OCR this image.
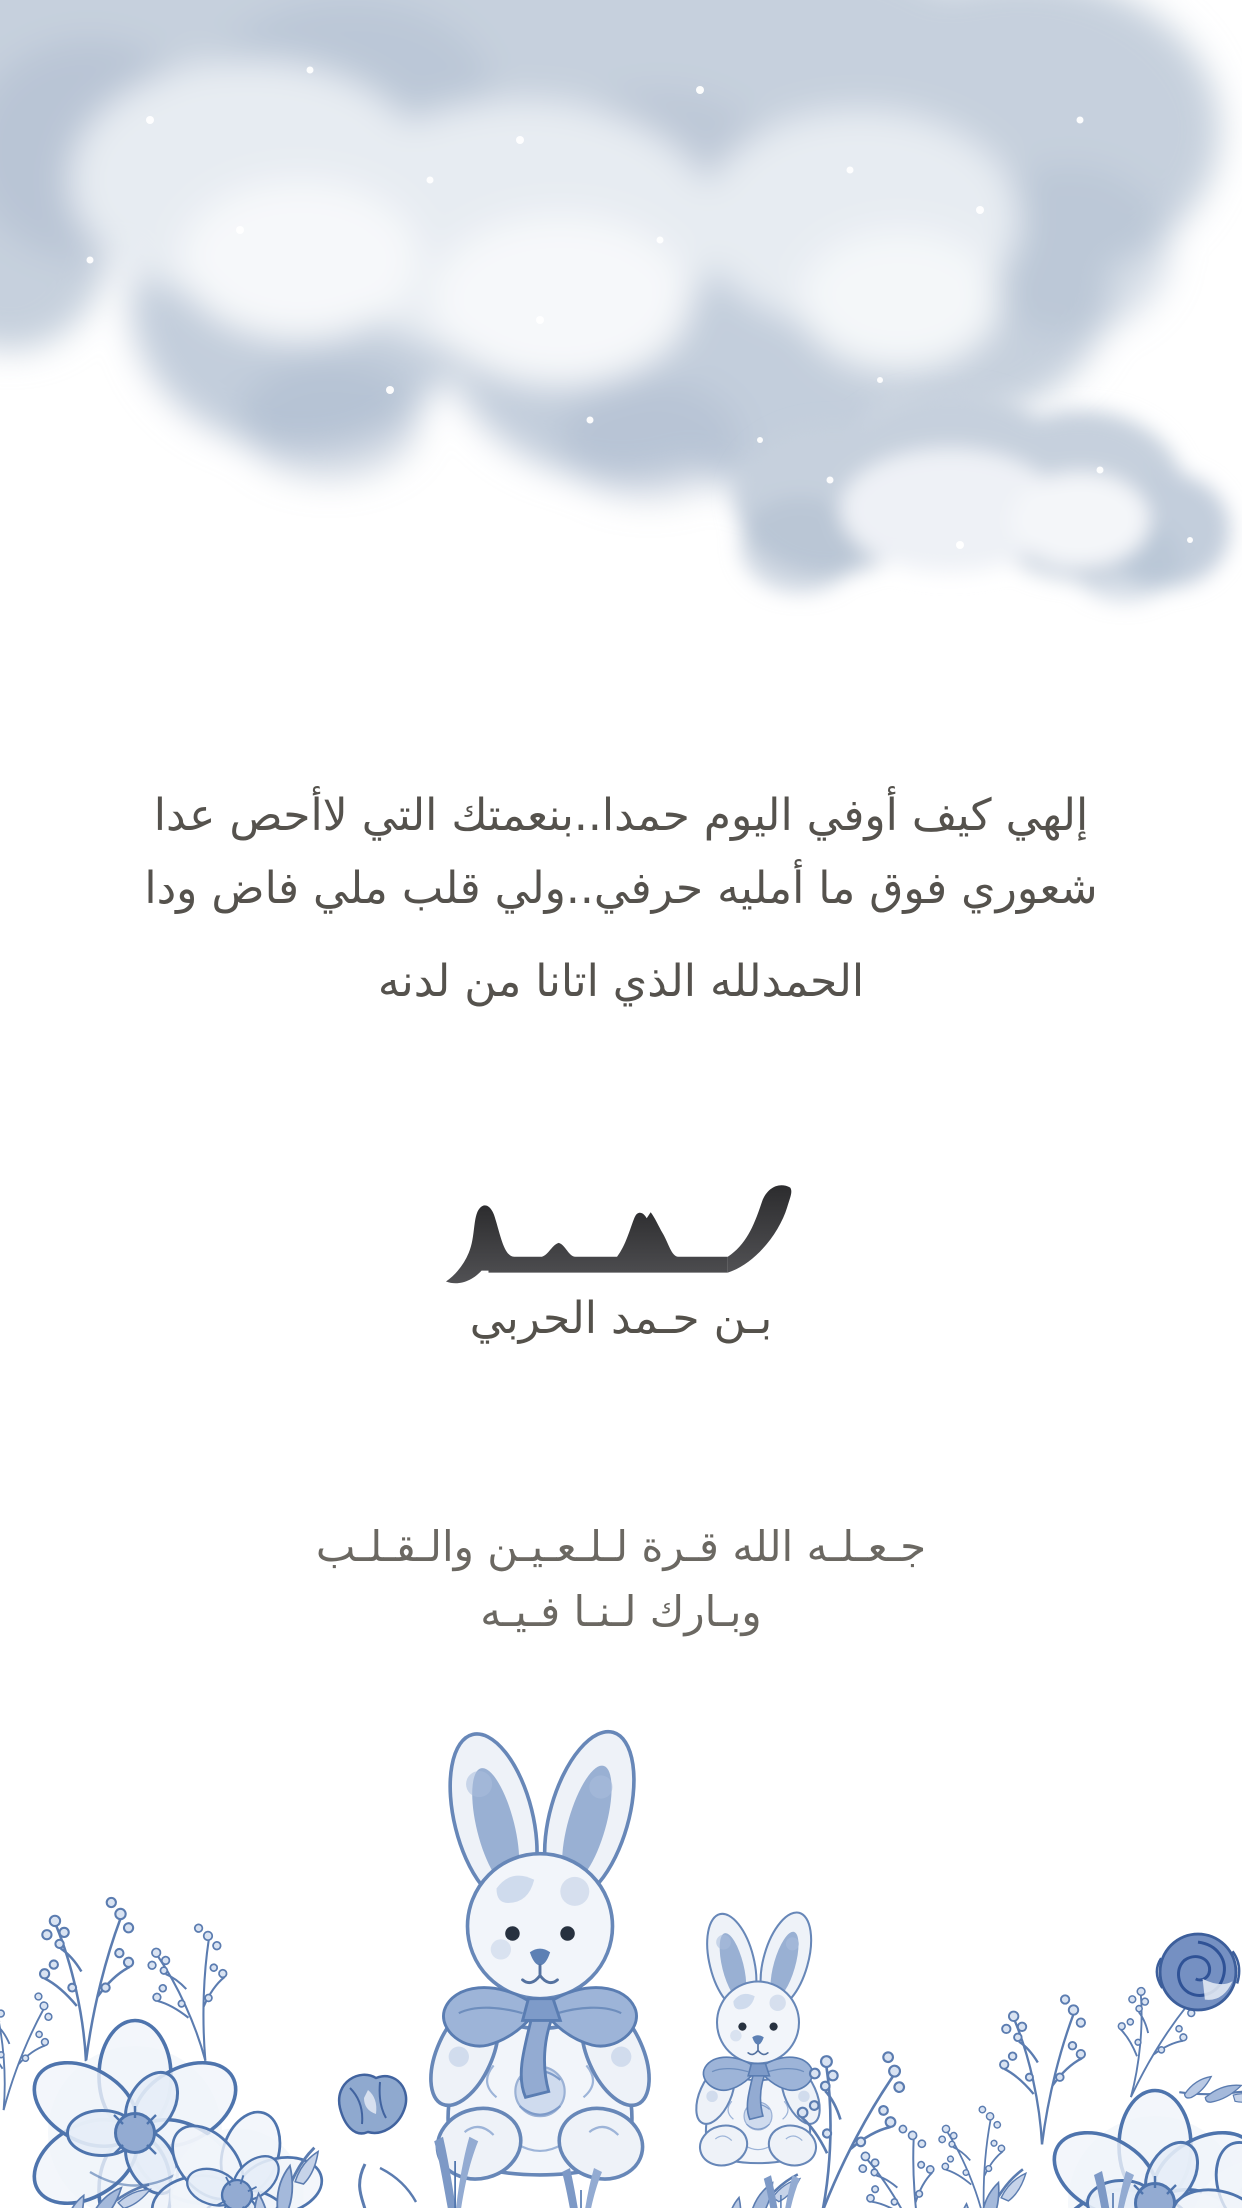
إلهي كيف أوفي اليوم حمدا..بنعمتك التي لاأحص عدا
شعوري فوق ما أمليه حرفي..ولي قلب ملي فاض ودا
الحمدلله الذي اتانا من لدنه
بـن حـمد الحربي
جـعـلـه الله قـرة لـلـعـيـن والـقـلـب
وبـارك لـنـا فـيـه
